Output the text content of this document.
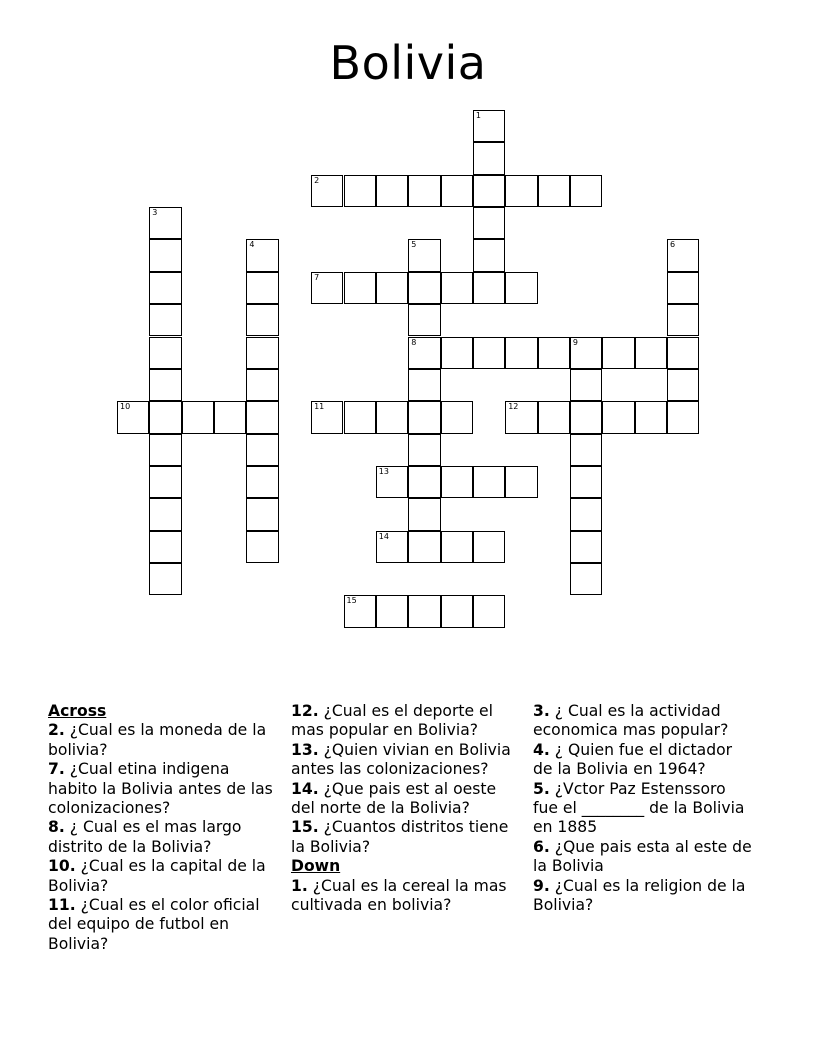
Bolivia
1
2
3
4	5
8
6
7
9
10	11	12
13
14
15
Across
2. ¿Cual es la moneda de la bolivia?
7. ¿Cual etina indigena habito la Bolivia antes de las colonizaciones?
8. ¿ Cual es el mas largo distrito de la Bolivia?
10. ¿Cual es la capital de la Bolivia?
11. ¿Cual es el color oficial del equipo de futbol en Bolivia?
12. ¿Cual es el deporte el mas popular en Bolivia?
13. ¿Quien vivian en Bolivia antes las colonizaciones?
14. ¿Que pais est al oeste del norte de la Bolivia?
15. ¿Cuantos distritos tiene la Bolivia?
Down
1. ¿Cual es la cereal la mas cultivada en bolivia?
3. ¿ Cual es la actividad economica mas popular?
4. ¿ Quien fue el dictador de la Bolivia en 1964?
5. ¿Vctor Paz Estenssoro fue el ________ de la Bolivia en 1885
6. ¿Que pais esta al este de la Bolivia
9. ¿Cual es la religion de la Bolivia?
